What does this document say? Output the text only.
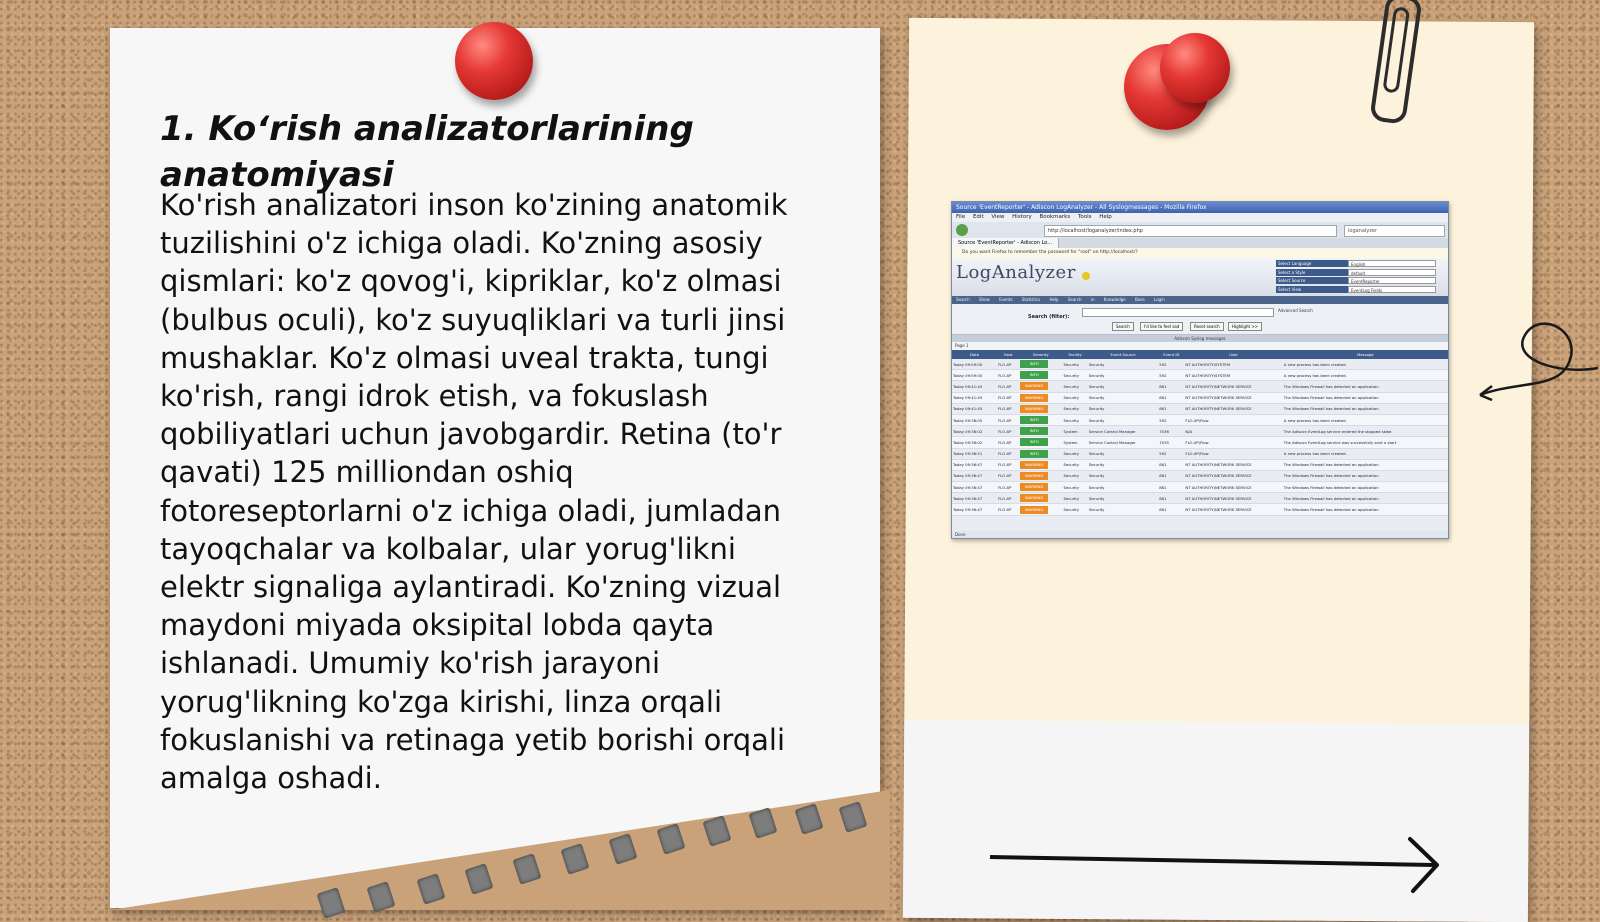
1. Ko‘rish analizatorlarining anatomiyasi

Ko'rish analizatori inson ko'zining anatomik tuzilishini o'z ichiga oladi. Ko'zning asosiy qismlari: ko'z qovog'i, kipriklar, ko'z olmasi (bulbus oculi), ko'z suyuqliklari va turli jinsi mushaklar. Ko'z olmasi uveal trakta, tungi ko'rish, rangi idrok etish, va fokuslash qobiliyatlari uchun javobgardir. Retina (to'r qavati) 125 milliondan oshiq fotoreseptorlarni o'z ichiga oladi, jumladan tayoqchalar va kolbalar, ular yorug'likni elektr signaliga aylantiradi. Ko'zning vizual maydoni miyada oksipital lobda qayta ishlanadi. Umumiy ko'rish jarayoni yorug'likning ko'zga kirishi, linza orqali fokuslanishi va retinaga yetib borishi orqali amalga oshadi.

Source 'EventReporter' - Adiscon LogAnalyzer - All Syslogmessages - Mozilla Firefox
File Edit View History Bookmarks Tools Help
http://localhost/loganalyzer/index.php	loganalyzer
Source 'EventReporter' - Adiscon Lo...
Do you want Firefox to remember the password for "root" on http://localhost/?
LogAnalyzer	Select Language	English
Select a Style	default
Select Source	EventReporter
Select View	EventLog Fields
Search Show Events Statistics Help Search in Knowledge Base Login
Search (filter):
Advanced Search
Search	I'd like to feel sad	Reset search	Highlight >>
Adiscon Syslog messages
Page 1
Date	Host	Severity	Facility	Event Source	Event ID	User	Message
Today 09:59:00	FLO-XP	INFO	Security	Security	592	NT AUTHORITY\SYSTEM	A new process has been created.
Today 09:59:00	FLO-XP	INFO	Security	Security	592	NT AUTHORITY\SYSTEM	A new process has been created.
Today 09:41:45	FLO-XP	WARNING	Security	Security	861	NT AUTHORITY\NETWORK SERVICE	The Windows Firewall has detected an application
Today 09:41:45	FLO-XP	WARNING	Security	Security	861	NT AUTHORITY\NETWORK SERVICE	The Windows Firewall has detected an application
Today 09:41:45	FLO-XP	WARNING	Security	Security	861	NT AUTHORITY\NETWORK SERVICE	The Windows Firewall has detected an application
Today 09:38:05	FLO-XP	INFO	Security	Security	592	FLO-XP\Flow	A new process has been created.
Today 09:36:02	FLO-XP	INFO	System	Service Control Manager	7036	N/A	The Adiscon EventLog service entered the stopped state.
Today 09:36:02	FLO-XP	INFO	System	Service Control Manager	7035	FLO-XP\Flow	The Adiscon EventLog service was successfully sent a start
Today 09:36:51	FLO-XP	INFO	Security	Security	592	FLO-XP\Flow	A new process has been created.
Today 09:36:47	FLO-XP	WARNING	Security	Security	861	NT AUTHORITY\NETWORK SERVICE	The Windows Firewall has detected an application
Today 09:36:47	FLO-XP	WARNING	Security	Security	861	NT AUTHORITY\NETWORK SERVICE	The Windows Firewall has detected an application
Today 09:36:47	FLO-XP	WARNING	Security	Security	861	NT AUTHORITY\NETWORK SERVICE	The Windows Firewall has detected an application
Today 09:36:47	FLO-XP	WARNING	Security	Security	861	NT AUTHORITY\NETWORK SERVICE	The Windows Firewall has detected an application
Today 09:36:47	FLO-XP	WARNING	Security	Security	861	NT AUTHORITY\NETWORK SERVICE	The Windows Firewall has detected an application
Done
